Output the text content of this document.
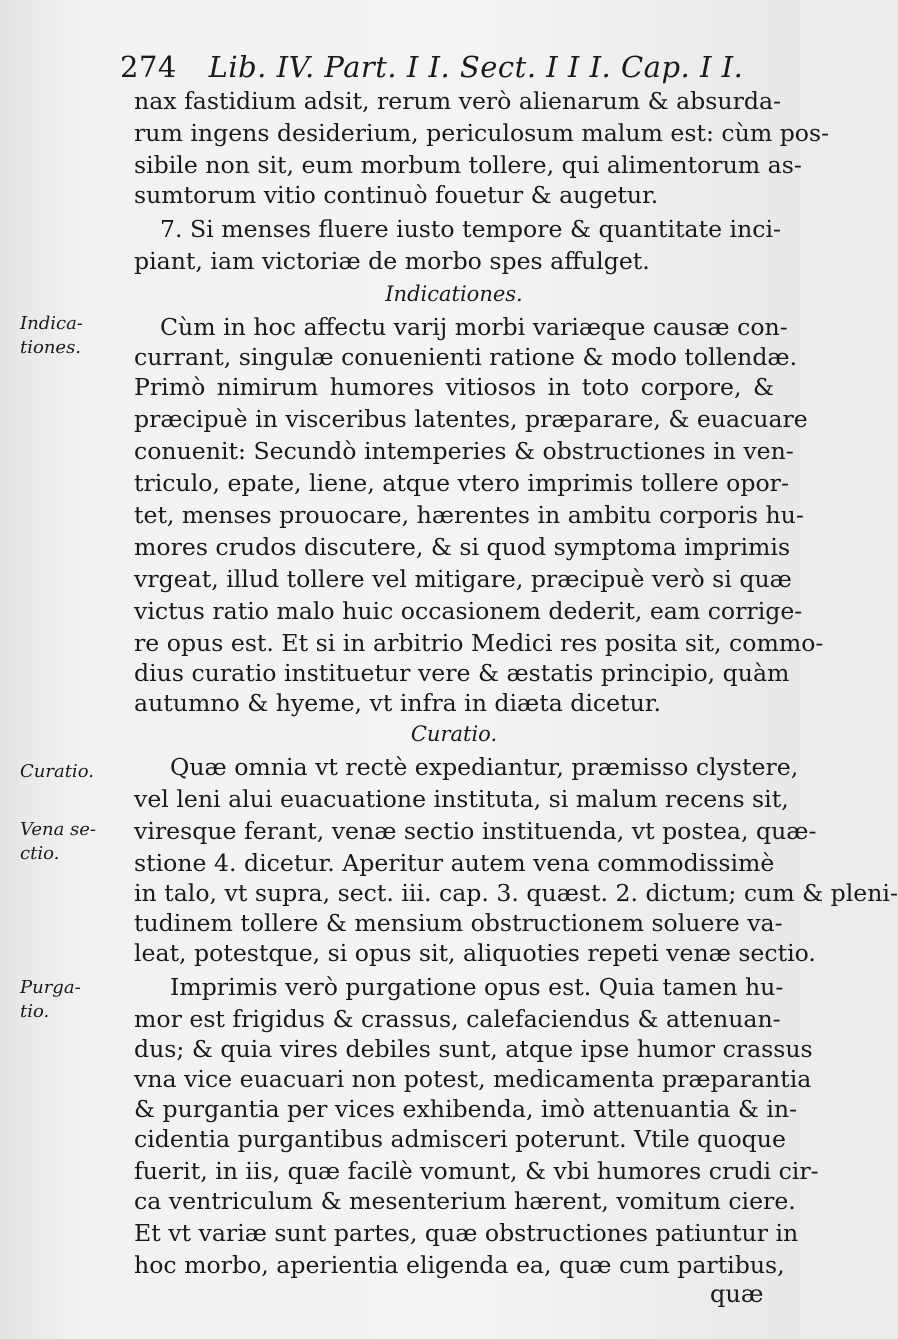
274 Lib. IV. Part. I I. Sect. I I I. Cap. I I.
Indicationes.
Curatio.
Indica-
tiones.
Curatio.
Vena se-
ctio.
Purga-
tio.
nax fastidium adsit, rerum verò alienarum & absurda-
rum ingens desiderium, periculosum malum est: cùm pos-
sibile non sit, eum morbum tollere, qui alimentorum as-
sumtorum vitio continuò fouetur & augetur.
7. Si menses fluere iusto tempore & quantitate inci-
piant, iam victoriæ de morbo spes affulget.
Cùm in hoc affectu varij morbi variæque causæ con-
currant, singulæ conuenienti ratione & modo tollendæ.
Primò nimirum humores vitiosos in toto corpore, &
præcipuè in visceribus latentes, præparare, & euacuare
conuenit: Secundò intemperies & obstructiones in ven-
triculo, epate, liene, atque vtero imprimis tollere opor-
tet, menses prouocare, hærentes in ambitu corporis hu-
mores crudos discutere, & si quod symptoma imprimis
vrgeat, illud tollere vel mitigare, præcipuè verò si quæ
victus ratio malo huic occasionem dederit, eam corrige-
re opus est. Et si in arbitrio Medici res posita sit, commo-
dius curatio instituetur vere & æstatis principio, quàm
autumno & hyeme, vt infra in diæta dicetur.
Quæ omnia vt rectè expediantur, præmisso clystere,
vel leni alui euacuatione instituta, si malum recens sit,
viresque ferant, venæ sectio instituenda, vt postea, quæ-
stione 4. dicetur. Aperitur autem vena commodissimè
in talo, vt supra, sect. iii. cap. 3. quæst. 2. dictum; cum & pleni-
tudinem tollere & mensium obstructionem soluere va-
leat, potestque, si opus sit, aliquoties repeti venæ sectio.
Imprimis verò purgatione opus est. Quia tamen hu-
mor est frigidus & crassus, calefaciendus & attenuan-
dus; & quia vires debiles sunt, atque ipse humor crassus
vna vice euacuari non potest, medicamenta præparantia
& purgantia per vices exhibenda, imò attenuantia & in-
cidentia purgantibus admisceri poterunt. Vtile quoque
fuerit, in iis, quæ facilè vomunt, & vbi humores crudi cir-
ca ventriculum & mesenterium hærent, vomitum ciere.
Et vt variæ sunt partes, quæ obstructiones patiuntur in
hoc morbo, aperientia eligenda ea, quæ cum partibus,
quæ
